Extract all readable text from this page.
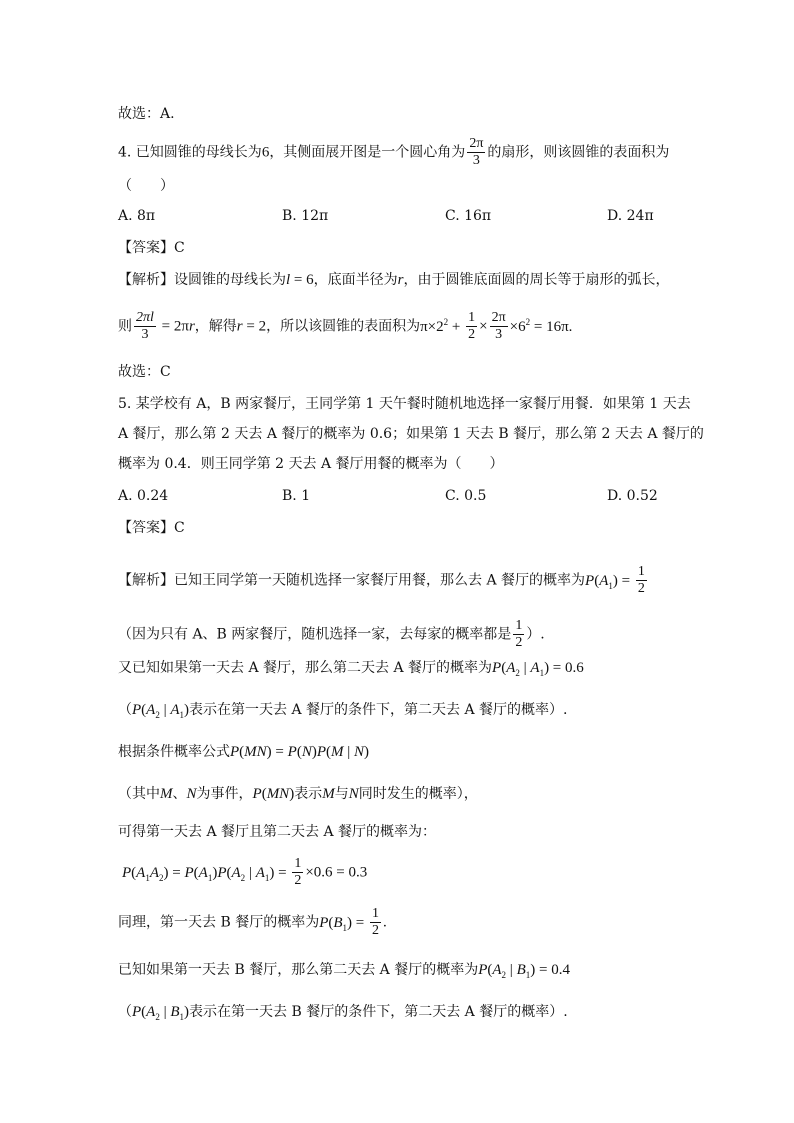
故选：A.
4. 已知圆锥的母线长为6，其侧面展开图是一个圆心角为 $\frac{2\pi}{3}$ 的扇形，则该圆锥的表面积为
（　　）
A. 8π	B. 12π	C. 16π	D. 24π
【答案】C
【解析】设圆锥的母线长为l = 6，底面半径为r，由于圆锥底面圆的周长等于扇形的弧长，
则 $\frac{2\pi l}{3} = 2\pi r$，解得r = 2，所以该圆锥的表面积为$\pi\times 2^2 + \frac{1}{2} \times \frac{2\pi}{3} \times 6^2 = 16\pi$.
故选：C
5. 某学校有 A，B 两家餐厅，王同学第 1 天午餐时随机地选择一家餐厅用餐．如果第 1 天去
A 餐厅，那么第 2 天去 A 餐厅的概率为 0.6；如果第 1 天去 B 餐厅，那么第 2 天去 A 餐厅的
概率为 0.4．则王同学第 2 天去 A 餐厅用餐的概率为（　　）
A. 0.24	B. 1	C. 0.5	D. 0.52
【答案】C
【解析】已知王同学第一天随机选择一家餐厅用餐，那么去 A 餐厅的概率为$P(A_1) = \frac{1}{2}$
（因为只有 A、B 两家餐厅，随机选择一家，去每家的概率都是 $\frac{1}{2}$ ）.
又已知如果第一天去 A 餐厅，那么第二天去 A 餐厅的概率为$P(A_2$ | $A_1) = 0.6$
（$P(A_2$ | $A_1$)表示在第一天去 A 餐厅的条件下，第二天去 A 餐厅的概率）.
根据条件概率公式P(MN) = P(N)P(M | N)
（其中M、N为事件，P(MN)表示M与N同时发生的概率），
可得第一天去 A 餐厅且第二天去 A 餐厅的概率为：
$P(A_1A_2) = P(A_1)P(A_2$ | $A_1) = \frac{1}{2} \times 0.6 = 0.3$
同理，第一天去 B 餐厅的概率为$P(B_1) = \frac{1}{2}$ .
已知如果第一天去 B 餐厅，那么第二天去 A 餐厅的概率为$P(A_2$ | $B_1) = 0.4$
（$P(A_2$ | $B_1$)表示在第一天去 B 餐厅的条件下，第二天去 A 餐厅的概率）.
